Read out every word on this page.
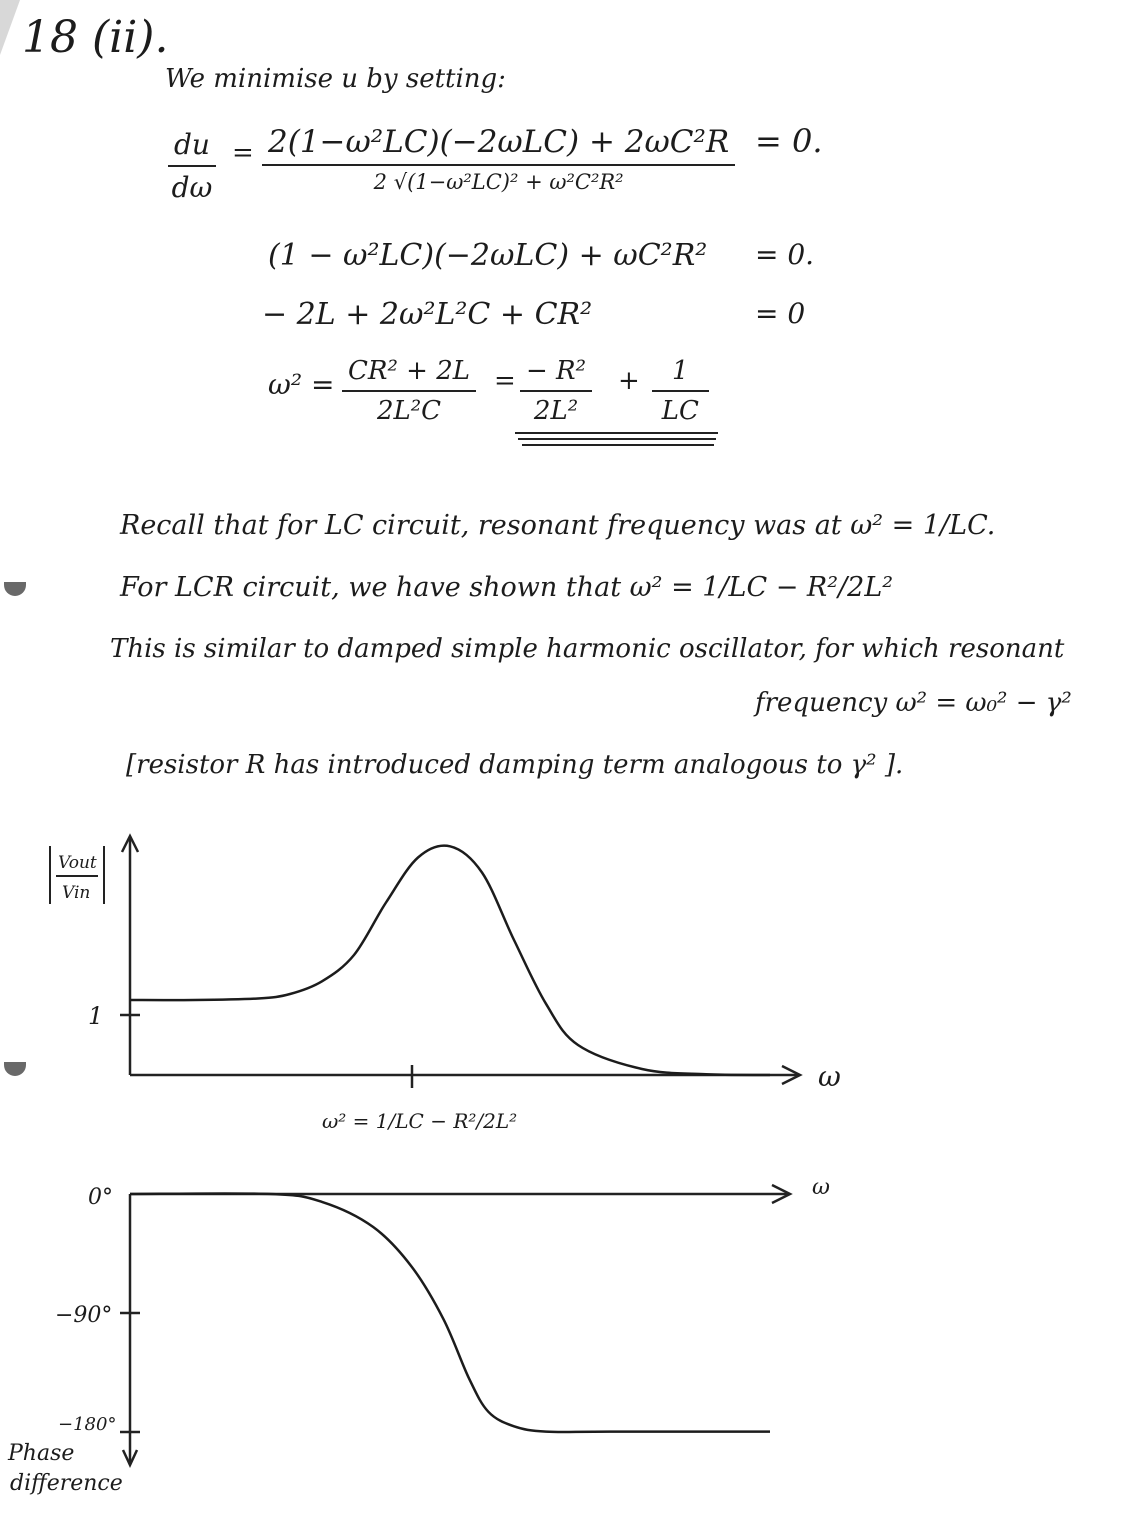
18 (ii).
We minimise u by setting:
$\frac{du}{d\omega} = 2(1-\omega^2LC)(-2\omega LC) + 2\omega C^2R$
2 √(1−ω²LC)² + ω²C²R²
= 0.
(1 − ω²LC)(−2ωLC) + ωC²R² = 0.
− 2L + 2ω²L²C + CR²	= 0
$\omega^2 = \frac{\text{CR² + 2L}}{\text{2L²C}} = \frac{\text{− R²}}{\text{2L²}} + \frac{1}{LC}$
Recall that for LC circuit, resonant frequency was at ω² = 1/LC.
For LCR circuit, we have shown that ω² = 1/LC − R²/2L²
This is similar to damped simple harmonic oscillator, for which resonant
frequency ω² = ω₀² − γ²
[resistor R has introduced damping term analogous to γ² ].
Vout Vin
1
ω
ω² = 1/LC − R²/2L²
0°
−90°
−180°
ω
Phase difference
